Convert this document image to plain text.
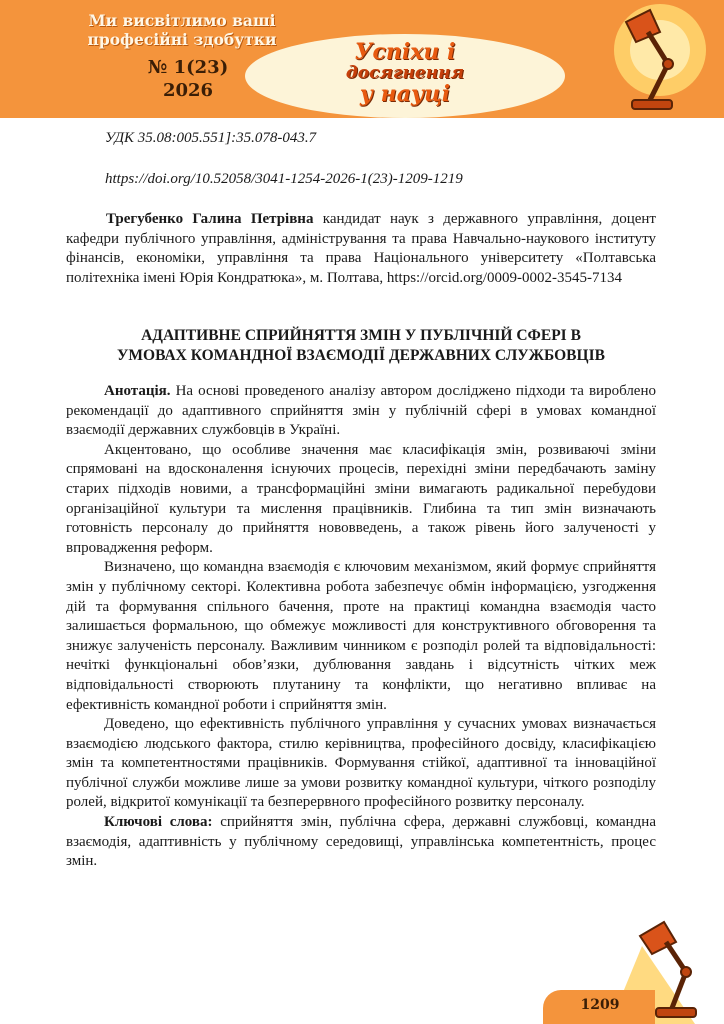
Ми висвітлимо ваші
професійні здобутки
№ 1(23)
2026
Успіхи і
досягнення
у науці
УДК 35.08:005.551]:35.078-043.7
https://doi.org/10.52058/3041-1254-2026-1(23)-1209-1219
Трегубенко Галина Петрівна кандидат наук з державного управління, доцент кафедри публічного управління, адміністрування та права Навчально-наукового інституту фінансів, економіки, управління та права Національного університету «Полтавська політехніка імені Юрія Кондратюка», м. Полтава, https://orcid.org/0009-0002-3545-7134
АДАПТИВНЕ СПРИЙНЯТТЯ ЗМІН У ПУБЛІЧНІЙ СФЕРІ В
УМОВАХ КОМАНДНОЇ ВЗАЄМОДІЇ ДЕРЖАВНИХ СЛУЖБОВЦІВ

Анотація. На основі проведеного аналізу автором досліджено підходи та вироблено рекомендації до адаптивного сприйняття змін у публічній сфері в умовах командної взаємодії державних службовців в Україні.

Акцентовано, що особливе значення має класифікація змін, розвиваючі зміни спрямовані на вдосконалення існуючих процесів, перехідні зміни передбачають заміну старих підходів новими, а трансформаційні зміни вимагають радикальної перебудови організаційної культури та мислення працівників. Глибина та тип змін визначають готовність персоналу до прийняття нововведень, а також рівень його залученості у впровадження реформ.

Визначено, що командна взаємодія є ключовим механізмом, який формує сприйняття змін у публічному секторі. Колективна робота забезпечує обмін інформацією, узгодження дій та формування спільного бачення, проте на практиці командна взаємодія часто залишається формальною, що обмежує можливості для конструктивного обговорення та знижує залученість персоналу. Важливим чинником є розподіл ролей та відповідальності: нечіткі функціональні обов’язки, дублювання завдань і відсутність чітких меж відповідальності створюють плутанину та конфлікти, що негативно впливає на ефективність командної роботи і сприйняття змін.

Доведено, що ефективність публічного управління у сучасних умовах визначається взаємодією людського фактора, стилю керівництва, професійного досвіду, класифікацією змін та компетентностями працівників. Формування стійкої, адаптивної та інноваційної публічної служби можливе лише за умови розвитку командної культури, чіткого розподілу ролей, відкритої комунікації та безперервного професійного розвитку персоналу.

Ключові слова: сприйняття змін, публічна сфера, державні службовці, командна взаємодія, адаптивність у публічному середовищі, управлінська компетентність, процес змін.

1209
